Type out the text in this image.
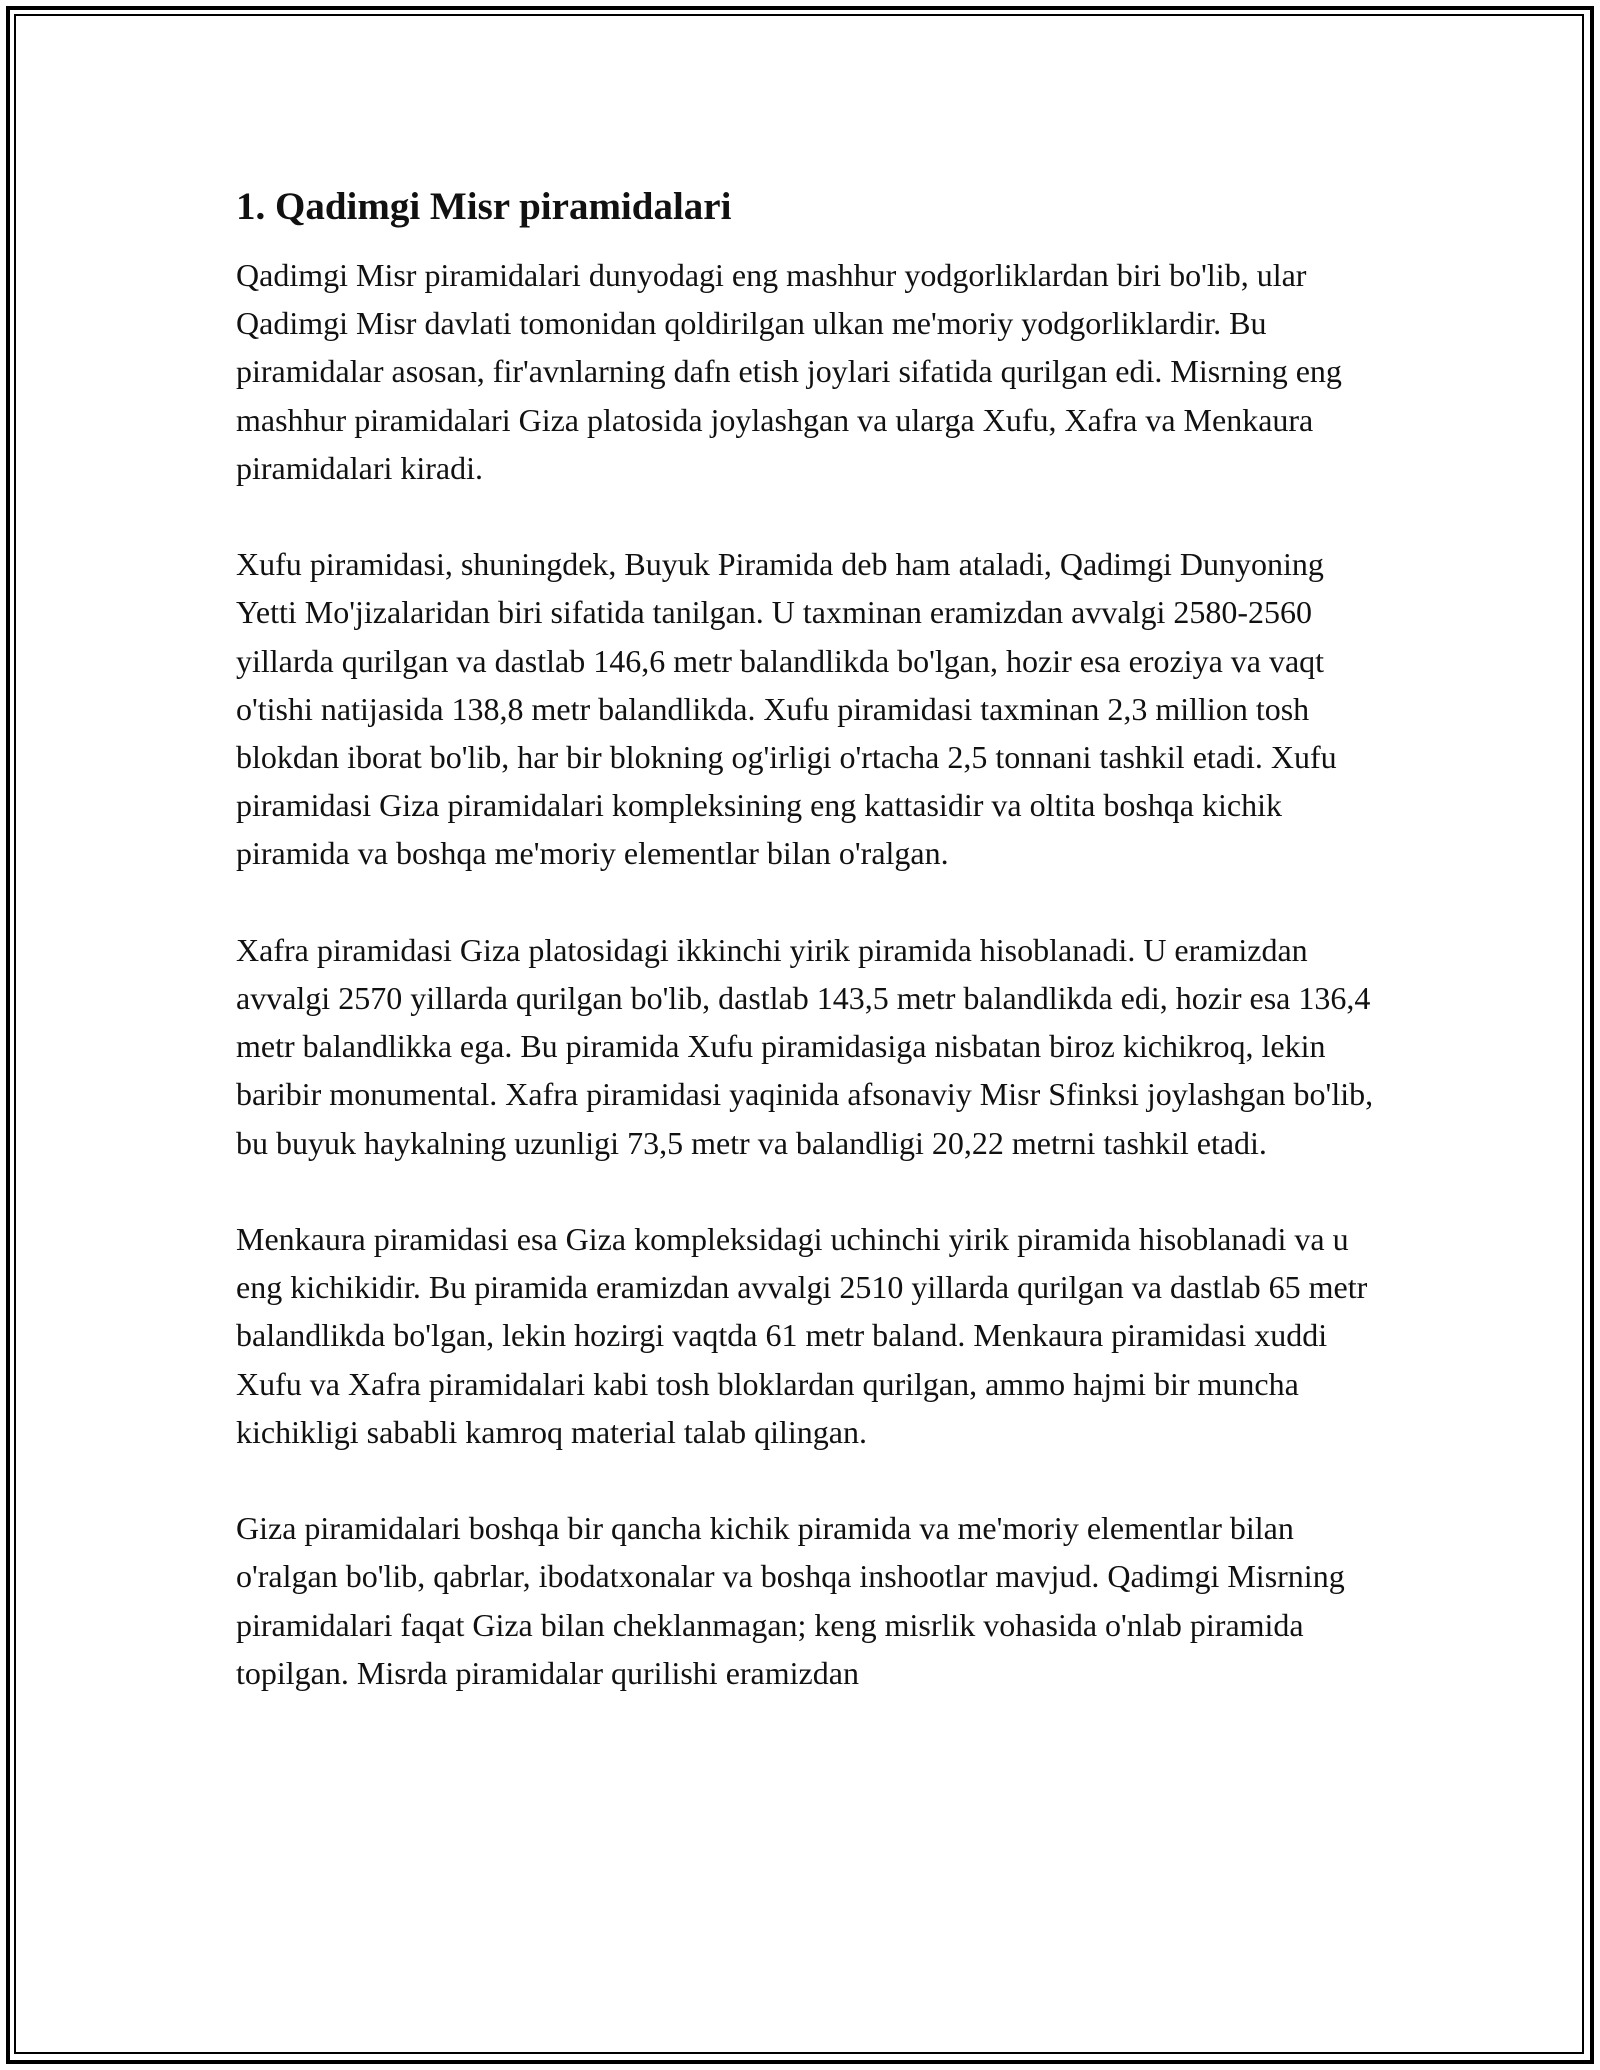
1. Qadimgi Misr piramidalari

Qadimgi Misr piramidalari dunyodagi eng mashhur yodgorliklardan biri bo'lib, ular Qadimgi Misr davlati tomonidan qoldirilgan ulkan me'moriy yodgorliklardir. Bu piramidalar asosan, fir'avnlarning dafn etish joylari sifatida qurilgan edi. Misrning eng mashhur piramidalari Giza platosida joylashgan va ularga Xufu, Xafra va Menkaura piramidalari kiradi.

Xufu piramidasi, shuningdek, Buyuk Piramida deb ham ataladi, Qadimgi Dunyoning Yetti Mo'jizalaridan biri sifatida tanilgan. U taxminan eramizdan avvalgi 2580-2560 yillarda qurilgan va dastlab 146,6 metr balandlikda bo'lgan, hozir esa eroziya va vaqt o'tishi natijasida 138,8 metr balandlikda. Xufu piramidasi taxminan 2,3 million tosh blokdan iborat bo'lib, har bir blokning og'irligi o'rtacha 2,5 tonnani tashkil etadi. Xufu piramidasi Giza piramidalari kompleksining eng kattasidir va oltita boshqa kichik piramida va boshqa me'moriy elementlar bilan o'ralgan.

Xafra piramidasi Giza platosidagi ikkinchi yirik piramida hisoblanadi. U eramizdan avvalgi 2570 yillarda qurilgan bo'lib, dastlab 143,5 metr balandlikda edi, hozir esa 136,4 metr balandlikka ega. Bu piramida Xufu piramidasiga nisbatan biroz kichikroq, lekin baribir monumental. Xafra piramidasi yaqinida afsonaviy Misr Sfinksi joylashgan bo'lib, bu buyuk haykalning uzunligi 73,5 metr va balandligi 20,22 metrni tashkil etadi.

Menkaura piramidasi esa Giza kompleksidagi uchinchi yirik piramida hisoblanadi va u eng kichikidir. Bu piramida eramizdan avvalgi 2510 yillarda qurilgan va dastlab 65 metr balandlikda bo'lgan, lekin hozirgi vaqtda 61 metr baland. Menkaura piramidasi xuddi Xufu va Xafra piramidalari kabi tosh bloklardan qurilgan, ammo hajmi bir muncha kichikligi sababli kamroq material talab qilingan.

Giza piramidalari boshqa bir qancha kichik piramida va me'moriy elementlar bilan o'ralgan bo'lib, qabrlar, ibodatxonalar va boshqa inshootlar mavjud. Qadimgi Misrning piramidalari faqat Giza bilan cheklanmagan; keng misrlik vohasida o'nlab piramida topilgan. Misrda piramidalar qurilishi eramizdan
